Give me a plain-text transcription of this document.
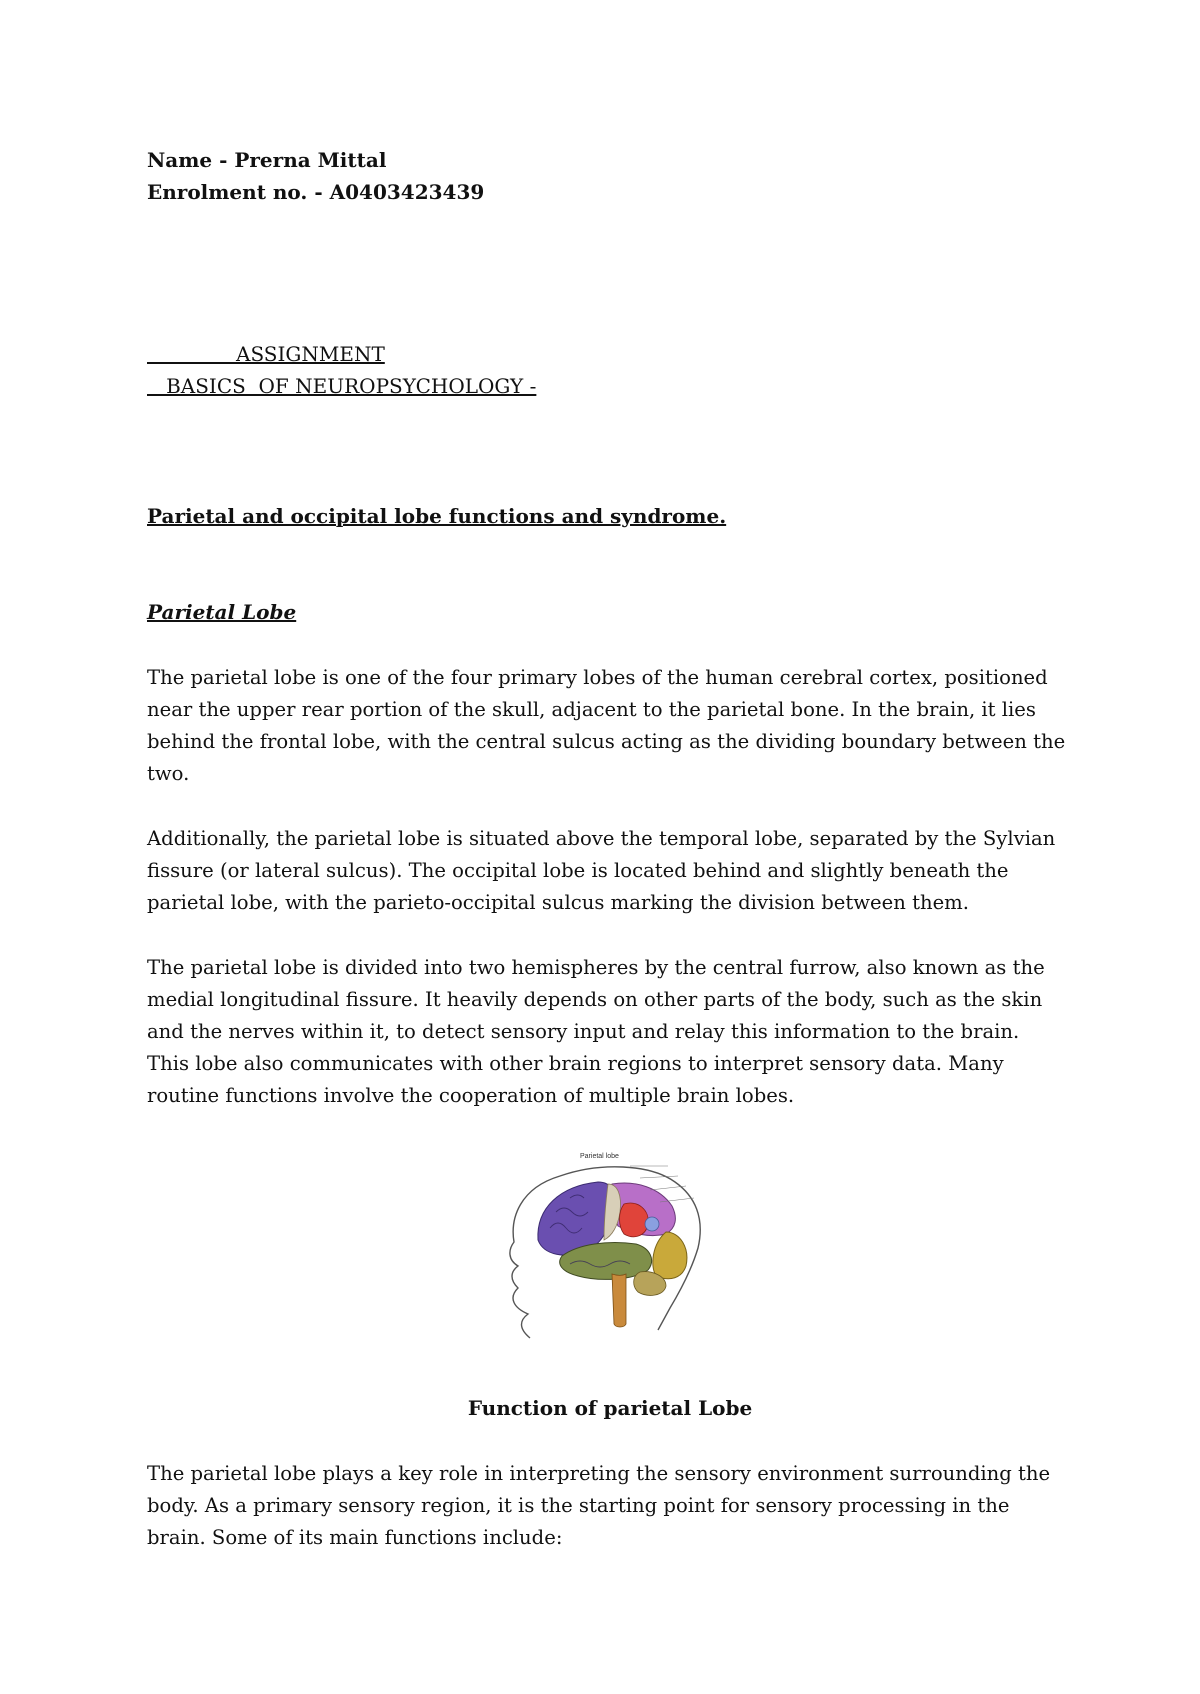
Name - Prerna Mittal
Enrolment no. - A0403423439
ASSIGNMENT
BASICS  OF NEUROPSYCHOLOGY -
Parietal and occipital lobe functions and syndrome.
Parietal Lobe
The parietal lobe is one of the four primary lobes of the human cerebral cortex, positioned near the upper rear portion of the skull, adjacent to the parietal bone. In the brain, it lies behind the frontal lobe, with the central sulcus acting as the dividing boundary between the two.
Additionally, the parietal lobe is situated above the temporal lobe, separated by the Sylvian fissure (or lateral sulcus). The occipital lobe is located behind and slightly beneath the parietal lobe, with the parieto-occipital sulcus marking the division between them.
The parietal lobe is divided into two hemispheres by the central furrow, also known as the medial longitudinal fissure. It heavily depends on other parts of the body, such as the skin and the nerves within it, to detect sensory input and relay this information to the brain. This lobe also communicates with other brain regions to interpret sensory data. Many routine functions involve the cooperation of multiple brain lobes.
Parietal lobe
Function of parietal Lobe
The parietal lobe plays a key role in interpreting the sensory environment surrounding the body. As a primary sensory region, it is the starting point for sensory processing in the brain. Some of its main functions include:
